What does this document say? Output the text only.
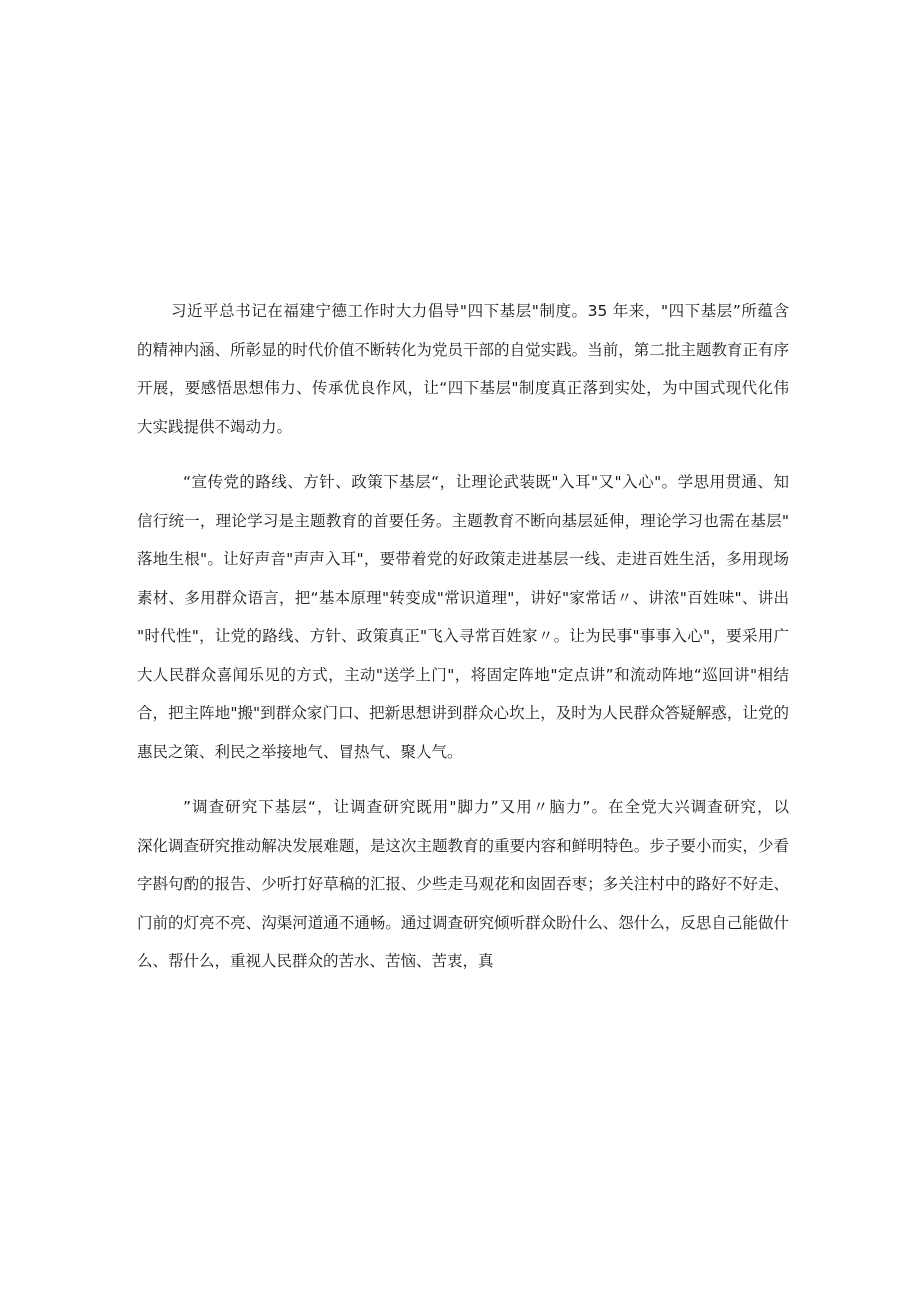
习近平总书记在福建宁德工作时大力倡导"四下基层"制度。35 年来，"四下基层”所蕴含
的精神内涵、所彰显的时代价值不断转化为党员干部的自觉实践。当前，第二批主题教育正有序
开展，要感悟思想伟力、传承优良作风，让“四下基层"制度真正落到实处，为中国式现代化伟
大实践提供不竭动力。
“宣传党的路线、方针、政策下基层“，让理论武装既"入耳"又"入心"。学思用贯通、知
信行统一，理论学习是主题教育的首要任务。主题教育不断向基层延伸，理论学习也需在基层"
落地生根"。让好声音"声声入耳"，要带着党的好政策走进基层一线、走进百姓生活，多用现场
素材、多用群众语言，把“基本原理"转变成"常识道理"，讲好"家常话〃、讲浓"百姓味"、讲出
"时代性"，让党的路线、方针、政策真正"飞入寻常百姓家〃。让为民事"事事入心"，要采用广
大人民群众喜闻乐见的方式，主动"送学上门"，将固定阵地"定点讲”和流动阵地“巡回讲"相结
合，把主阵地"搬"到群众家门口、把新思想讲到群众心坎上，及时为人民群众答疑解惑，让党的
惠民之策、利民之举接地气、冒热气、聚人气。
”调查研究下基层“，让调查研究既用"脚力”又用〃脑力”。在全党大兴调查研究，以
深化调查研究推动解决发展难题，是这次主题教育的重要内容和鲜明特色。步子要小而实，少看
字斟句酌的报告、少听打好草稿的汇报、少些走马观花和囱固吞枣；多关注村中的路好不好走、
门前的灯亮不亮、沟渠河道通不通畅。通过调查研究倾听群众盼什么、怨什么，反思自己能做什
么、帮什么，重视人民群众的苦水、苦恼、苦衷，真
